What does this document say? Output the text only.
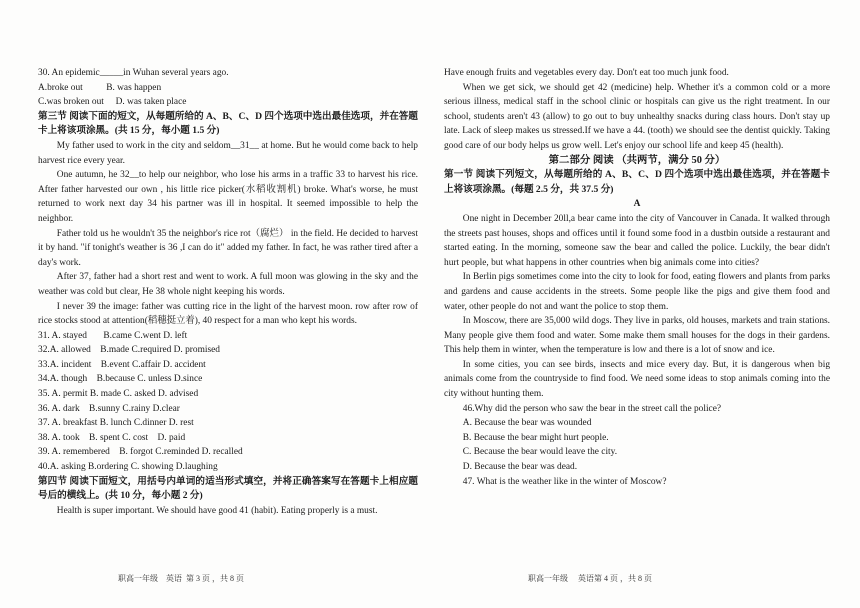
30. An epidemic_____in Wuhan several years ago.
A.broke out          B. was happen
C.was broken out     D. was taken place
第三节 阅读下面的短文，从每题所给的 A、B、C、D 四个选项中选出最佳选项，并在答题卡上将该项涂黑。(共 15 分，每小题 1.5 分)
My father used to work in the city and seldom__31__ at home. But he would come back to help harvest rice every year.
One autumn, he 32__to help our neighbor, who lose his arms in a traffic 33 to harvest his rice. After father harvested our own , his little rice picker(水稻收割机) broke. What's worse, he must returned to work next day 34 his partner was ill in hospital. It seemed impossible to help the neighbor.
Father told us he wouldn't 35 the neighbor's rice rot（腐烂） in the field. He decided to harvest it by hand. "if tonight's weather is 36 ,I can do it" added my father. In fact, he was rather tired after a day's work.
After 37, father had a short rest and went to work. A full moon was glowing in the sky and the weather was cold but clear, He 38 whole night keeping his words.
I never 39 the image: father was cutting rice in the light of the harvest moon. row after row of rice stocks stood at attention(稻穗挺立着), 40 respect for a man who kept his words.
31. A. stayed       B.came C.went D. left
32.A. allowed    B.made C.required D. promised
33.A. incident    B.event C.affair D. accident
34.A. though    B.because C. unless D.since
35. A. permit B. made C. asked D. advised
36. A. dark    B.sunny C.rainy D.clear
37. A. breakfast B. lunch C.dinner D. rest
38. A. took    B. spent C. cost    D. paid
39. A. remembered    B. forgot C.reminded D. recalled
40.A. asking B.ordering C. showing D.laughing
第四节 阅读下面短文，用括号内单词的适当形式填空，并将正确答案写在答题卡上相应题号后的横线上。(共 10 分，每小题 2 分)
Health is super important. We should have good 41 (habit). Eating properly is a must.
Have enough fruits and vegetables every day. Don't eat too much junk food.
When we get sick, we should get 42 (medicine) help. Whether it's a common cold or a more serious illness, medical staff in the school clinic or hospitals can give us the right treatment. In our school, students aren't 43 (allow) to go out to buy unhealthy snacks during class hours. Don't stay up late. Lack of sleep makes us stressed.If we have a 44. (tooth) we should see the dentist quickly. Taking good care of our body helps us grow well. Let's enjoy our school life and keep 45 (health).
第二部分 阅读 （共两节，满分 50 分）
第一节 阅读下列短文，从每题所给的 A、B、C、D 四个选项中选出最佳选项，并在答题卡上将该项涂黑。(每题 2.5 分，共 37.5 分)
A
One night in December 20ll,a bear came into the city of Vancouver in Canada. It walked through the streets past houses, shops and offices until it found some food in a dustbin outside a restaurant and started eating. In the morning, someone saw the bear and called the police. Luckily, the bear didn't hurt people, but what happens in other countries when big animals come into cities?
In Berlin pigs sometimes come into the city to look for food, eating flowers and plants from parks and gardens and cause accidents in the streets. Some people like the pigs and give them food and water, other people do not and want the police to stop them.
In Moscow, there are 35,000 wild dogs. They live in parks, old houses, markets and train stations. Many people give them food and water. Some make them small houses for the dogs in their gardens. This help them in winter, when the temperature is low and there is a lot of snow and ice.
In some cities, you can see birds, insects and mice every day. But, it is dangerous when big animals come from the countryside to find food. We need some ideas to stop animals coming into the city without hunting them.
46.Why did the person who saw the bear in the street call the police?
A. Because the bear was wounded
B. Because the bear might hurt people.
C. Because the bear would leave the city.
D. Because the bear was dead.
47. What is the weather like in the winter of Moscow?
职高一年级    英语  第 3 页 ，共 8 页	职高一年级     英语第 4 页 ，共 8 页
